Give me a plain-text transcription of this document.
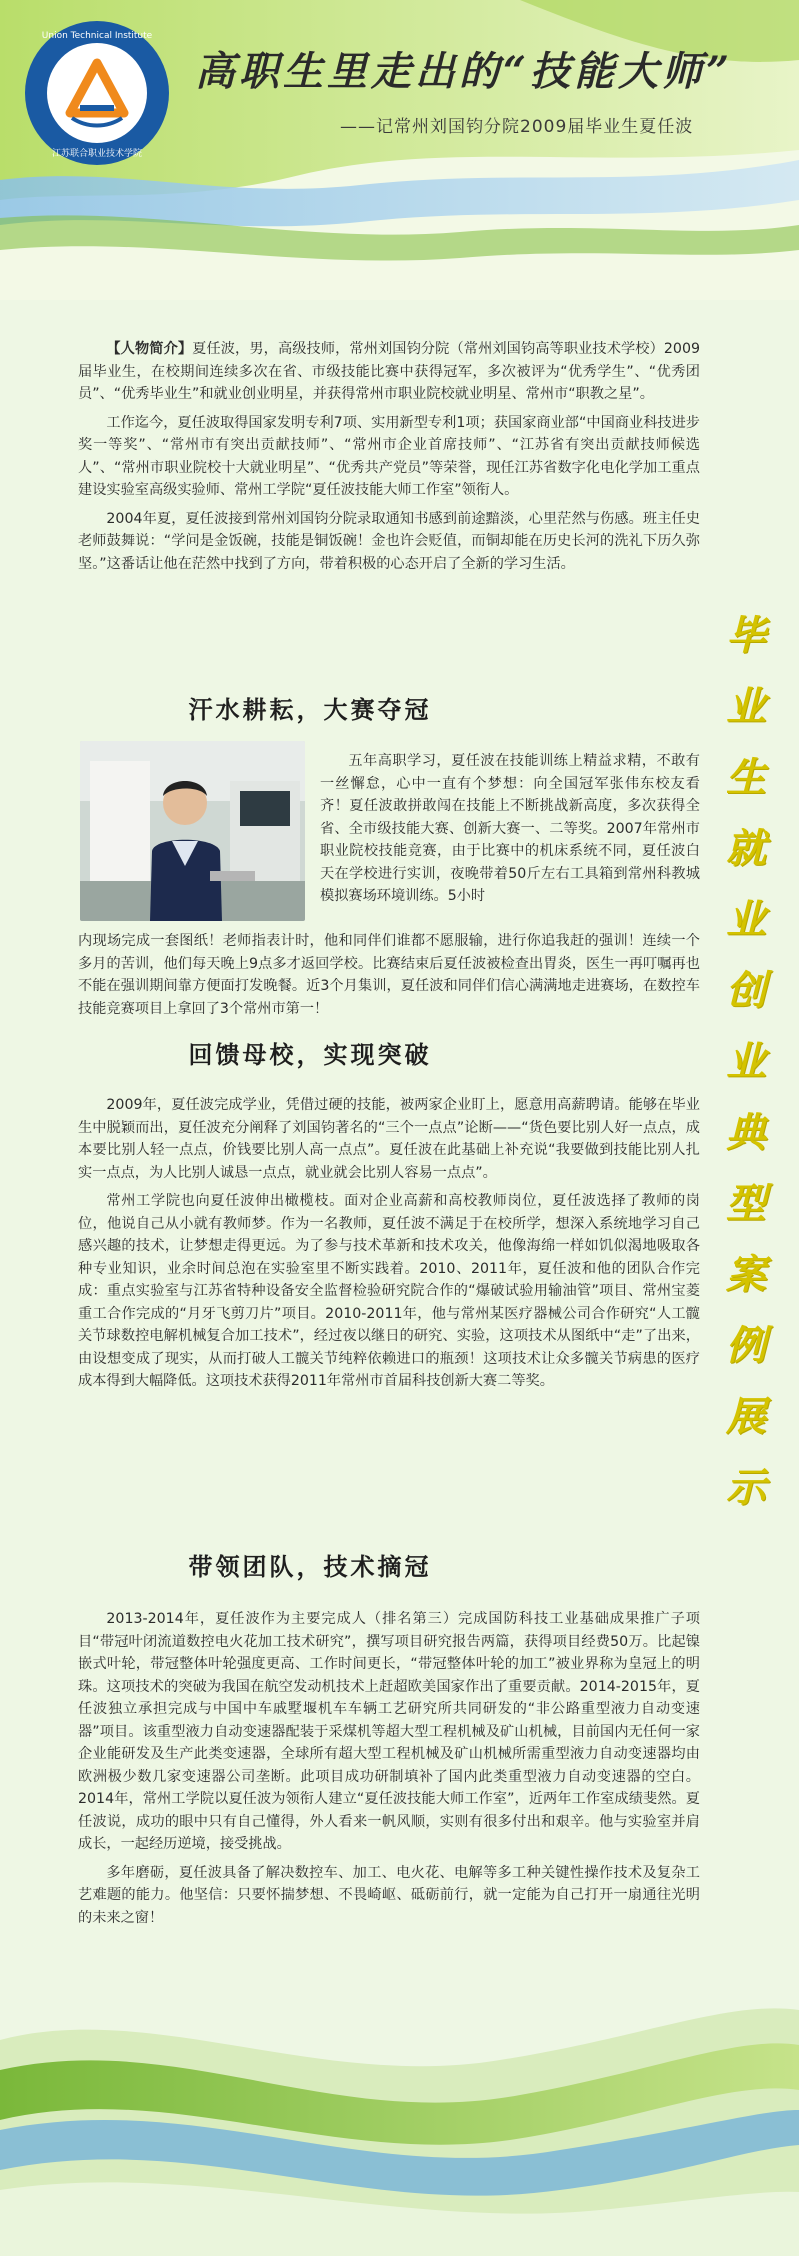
Union Technical Institute
江苏联合职业技术学院
高职生里走出的“技能大师”
——记常州刘国钧分院2009届毕业生夏任波

【人物简介】夏任波，男，高级技师，常州刘国钧分院（常州刘国钧高等职业技术学校）2009届毕业生，在校期间连续多次在省、市级技能比赛中获得冠军，多次被评为“优秀学生”、“优秀团员”、“优秀毕业生”和就业创业明星，并获得常州市职业院校就业明星、常州市“职教之星”。

工作迄今，夏任波取得国家发明专利7项、实用新型专利1项；获国家商业部“中国商业科技进步奖一等奖”、“常州市有突出贡献技师”、“常州市企业首席技师”、“江苏省有突出贡献技师候选人”、“常州市职业院校十大就业明星”、“优秀共产党员”等荣誉，现任江苏省数字化电化学加工重点建设实验室高级实验师、常州工学院“夏任波技能大师工作室”领衔人。

2004年夏，夏任波接到常州刘国钧分院录取通知书感到前途黯淡，心里茫然与伤感。班主任史老师鼓舞说：“学问是金饭碗，技能是铜饭碗！金也许会贬值，而铜却能在历史长河的洗礼下历久弥坚。”这番话让他在茫然中找到了方向，带着积极的心态开启了全新的学习生活。

汗水耕耘，大赛夺冠

五年高职学习，夏任波在技能训练上精益求精，不敢有一丝懈怠，心中一直有个梦想：向全国冠军张伟东校友看齐！夏任波敢拼敢闯在技能上不断挑战新高度，多次获得全省、全市级技能大赛、创新大赛一、二等奖。2007年常州市职业院校技能竞赛，由于比赛中的机床系统不同，夏任波白天在学校进行实训，夜晚带着50斤左右工具箱到常州科教城模拟赛场环境训练。5小时

内现场完成一套图纸！老师指表计时，他和同伴们谁都不愿服输，进行你追我赶的强训！连续一个多月的苦训，他们每天晚上9点多才返回学校。比赛结束后夏任波被检查出胃炎，医生一再叮嘱再也不能在强训期间靠方便面打发晚餐。近3个月集训，夏任波和同伴们信心满满地走进赛场，在数控车技能竞赛项目上拿回了3个常州市第一！

回馈母校，实现突破

2009年，夏任波完成学业，凭借过硬的技能，被两家企业盯上，愿意用高薪聘请。能够在毕业生中脱颖而出，夏任波充分阐释了刘国钧著名的“三个一点点”论断——“货色要比别人好一点点，成本要比别人轻一点点，价钱要比别人高一点点”。夏任波在此基础上补充说“我要做到技能比别人扎实一点点，为人比别人诚恳一点点，就业就会比别人容易一点点”。

常州工学院也向夏任波伸出橄榄枝。面对企业高薪和高校教师岗位，夏任波选择了教师的岗位，他说自己从小就有教师梦。作为一名教师，夏任波不满足于在校所学，想深入系统地学习自己感兴趣的技术，让梦想走得更远。为了参与技术革新和技术攻关，他像海绵一样如饥似渴地吸取各种专业知识，业余时间总泡在实验室里不断实践着。2010、2011年，夏任波和他的团队合作完成：重点实验室与江苏省特种设备安全监督检验研究院合作的“爆破试验用输油管”项目、常州宝菱重工合作完成的“月牙飞剪刀片”项目。2010-2011年，他与常州某医疗器械公司合作研究“人工髋关节球数控电解机械复合加工技术”，经过夜以继日的研究、实验，这项技术从图纸中“走”了出来，由设想变成了现实，从而打破人工髋关节纯粹依赖进口的瓶颈！这项技术让众多髋关节病患的医疗成本得到大幅降低。这项技术获得2011年常州市首届科技创新大赛二等奖。

带领团队，技术摘冠

2013-2014年，夏任波作为主要完成人（排名第三）完成国防科技工业基础成果推广子项目“带冠叶闭流道数控电火花加工技术研究”，撰写项目研究报告两篇，获得项目经费50万。比起镍嵌式叶轮，带冠整体叶轮强度更高、工作时间更长，“带冠整体叶轮的加工”被业界称为皇冠上的明珠。这项技术的突破为我国在航空发动机技术上赶超欧美国家作出了重要贡献。2014-2015年，夏任波独立承担完成与中国中车戚墅堰机车车辆工艺研究所共同研发的“非公路重型液力自动变速器”项目。该重型液力自动变速器配装于采煤机等超大型工程机械及矿山机械，目前国内无任何一家企业能研发及生产此类变速器，全球所有超大型工程机械及矿山机械所需重型液力自动变速器均由欧洲极少数几家变速器公司垄断。此项目成功研制填补了国内此类重型液力自动变速器的空白。2014年，常州工学院以夏任波为领衔人建立“夏任波技能大师工作室”，近两年工作室成绩斐然。夏任波说，成功的眼中只有自己懂得，外人看来一帆风顺，实则有很多付出和艰辛。他与实验室并肩成长，一起经历逆境，接受挑战。

多年磨砺，夏任波具备了解决数控车、加工、电火花、电解等多工种关键性操作技术及复杂工艺难题的能力。他坚信：只要怀揣梦想、不畏崎岖、砥砺前行，就一定能为自己打开一扇通往光明的未来之窗！

毕
业
生
就
业
创
业
典
型
案
例
展
示
